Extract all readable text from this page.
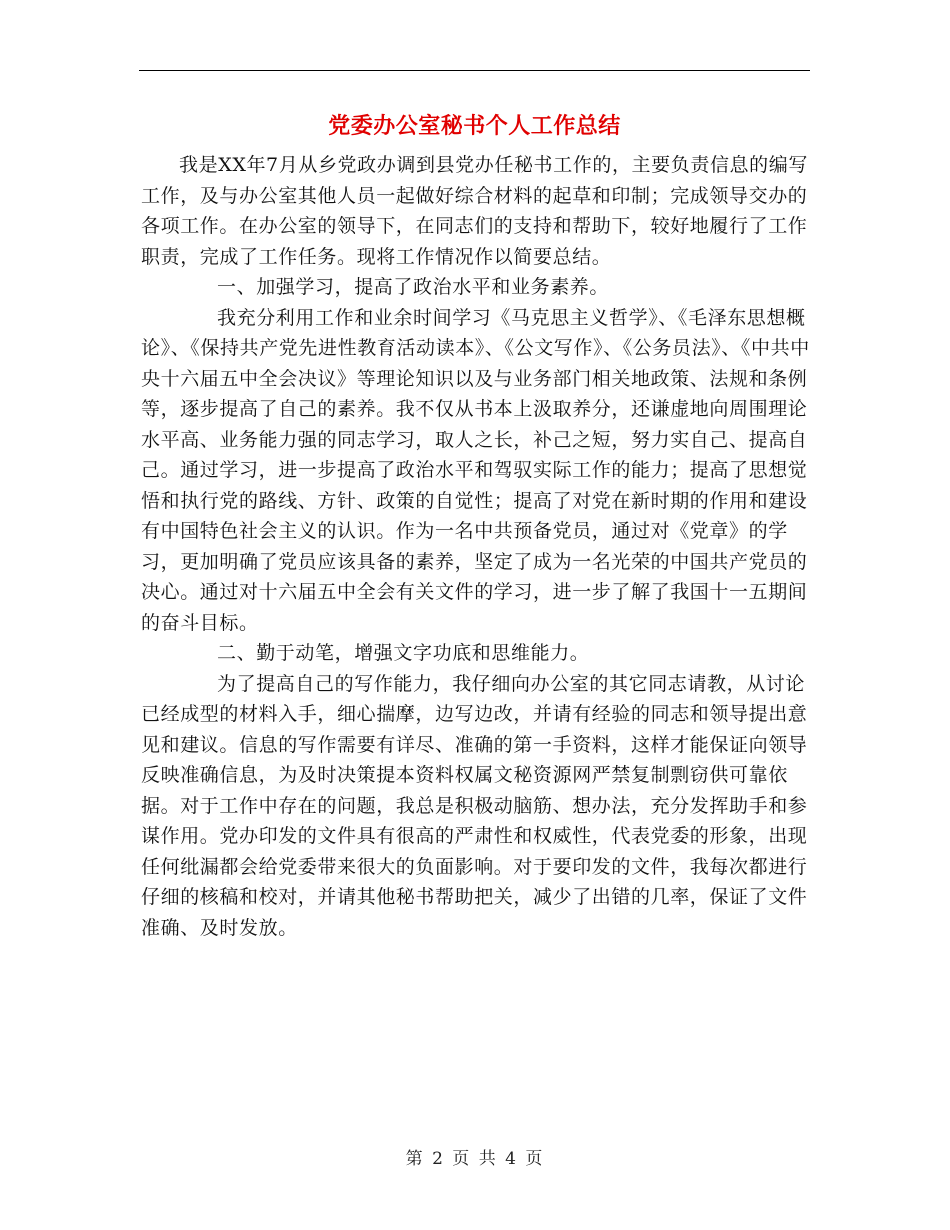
党委办公室秘书个人工作总结

我是XX年7月从乡党政办调到县党办任秘书工作的，主要负责信息的编写工作，及与办公室其他人员一起做好综合材料的起草和印制；完成领导交办的各项工作。在办公室的领导下，在同志们的支持和帮助下，较好地履行了工作职责，完成了工作任务。现将工作情况作以简要总结。

一、加强学习，提高了政治水平和业务素养。

我充分利用工作和业余时间学习《马克思主义哲学》、《毛泽东思想概论》、《保持共产党先进性教育活动读本》、《公文写作》、《公务员法》、《中共中央十六届五中全会决议》等理论知识以及与业务部门相关地政策、法规和条例等，逐步提高了自己的素养。我不仅从书本上汲取养分，还谦虚地向周围理论水平高、业务能力强的同志学习，取人之长，补己之短，努力实自己、提高自己。通过学习，进一步提高了政治水平和驾驭实际工作的能力；提高了思想觉悟和执行党的路线、方针、政策的自觉性；提高了对党在新时期的作用和建设有中国特色社会主义的认识。作为一名中共预备党员，通过对《党章》的学习，更加明确了党员应该具备的素养，坚定了成为一名光荣的中国共产党员的决心。通过对十六届五中全会有关文件的学习，进一步了解了我国十一五期间的奋斗目标。

二、勤于动笔，增强文字功底和思维能力。

为了提高自己的写作能力，我仔细向办公室的其它同志请教，从讨论已经成型的材料入手，细心揣摩，边写边改，并请有经验的同志和领导提出意见和建议。信息的写作需要有详尽、准确的第一手资料，这样才能保证向领导反映准确信息，为及时决策提本资料权属文秘资源网严禁复制剽窃供可靠依据。对于工作中存在的问题，我总是积极动脑筋、想办法，充分发挥助手和参谋作用。党办印发的文件具有很高的严肃性和权威性，代表党委的形象，出现任何纰漏都会给党委带来很大的负面影响。对于要印发的文件，我每次都进行仔细的核稿和校对，并请其他秘书帮助把关，减少了出错的几率，保证了文件准确、及时发放。

第 2 页 共 4 页
